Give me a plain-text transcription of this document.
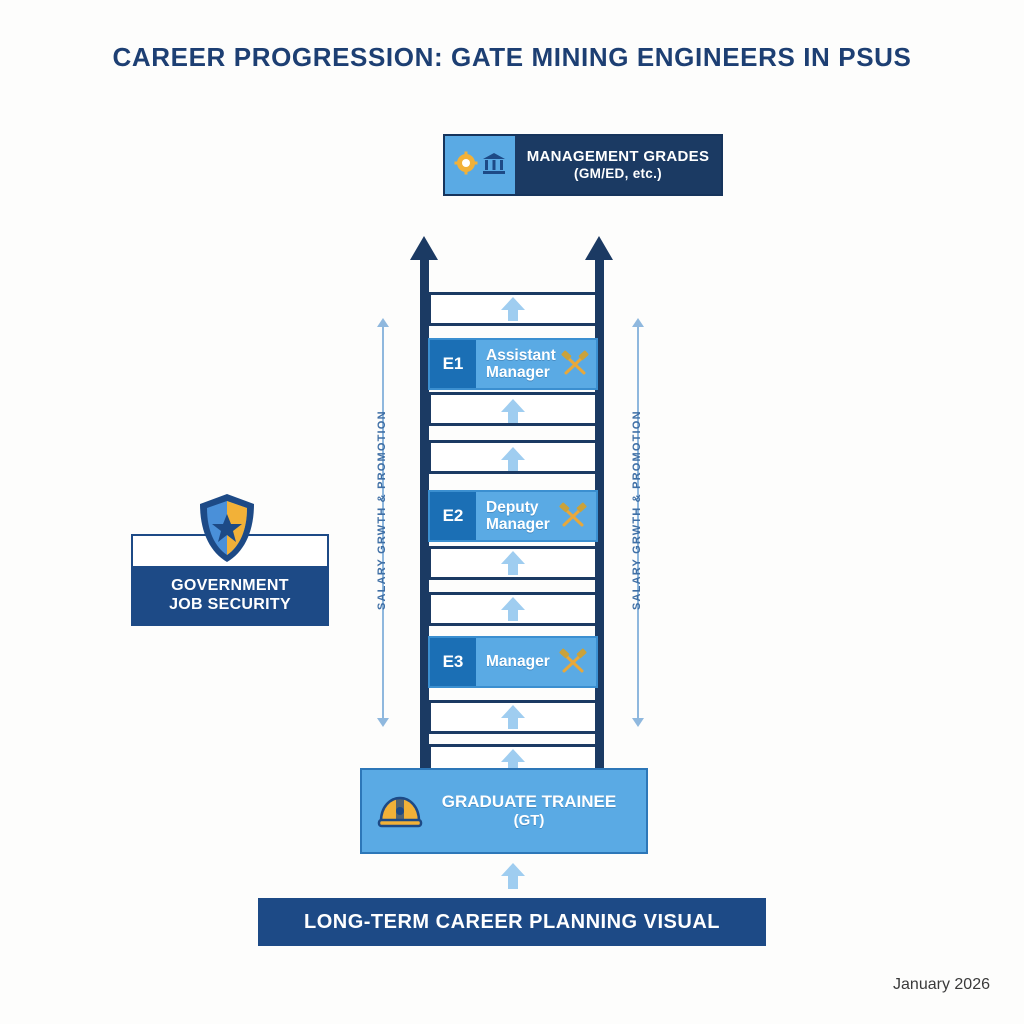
CAREER PROGRESSION: GATE MINING ENGINEERS IN PSUS
MANAGEMENT GRADES
(GM/ED, etc.)
E1	Assistant Manager
E2	Deputy Manager
E3	Manager
GRADUATE TRAINEE
(GT)
LONG-TERM CAREER PLANNING VISUAL
SALARY GRWTH & PROMOTION	SALARY GRWTH & PROMOTION
GOVERNMENT
JOB SECURITY
January 2026
